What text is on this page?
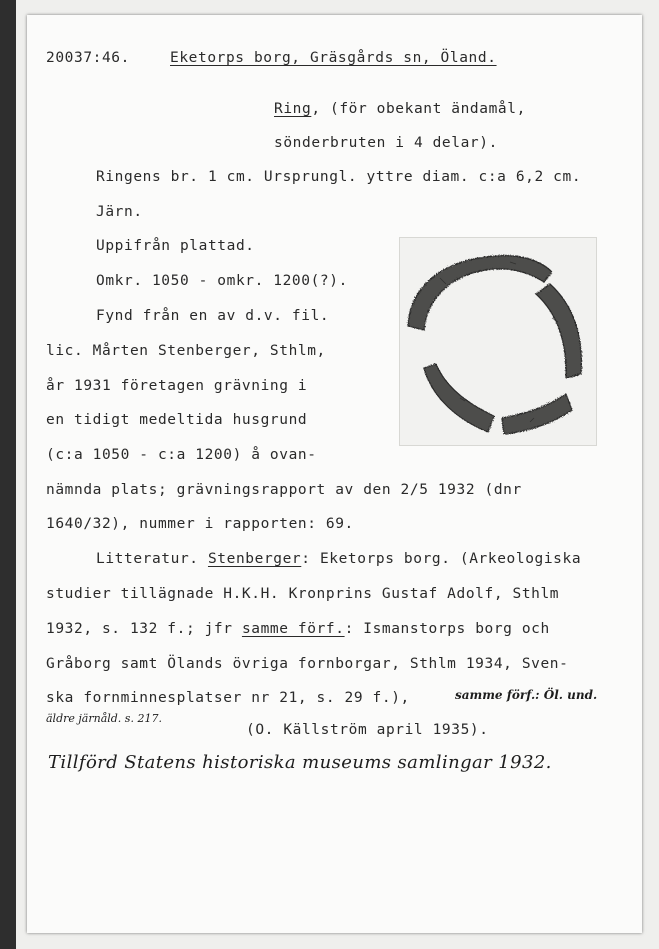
20037:46.	Eketorps borg, Gräsgårds sn, Öland.
Ring, (för obekant ändamål,
sönderbruten i 4 delar).
Ringens br. 1 cm. Ursprungl. yttre diam. c:a 6,2 cm.
Järn.
Uppifrån plattad.
Omkr. 1050 - omkr. 1200(?).
Fynd från en av d.v. fil.
lic. Mårten Stenberger, Sthlm,
år 1931 företagen grävning i
en tidigt medeltida husgrund
(c:a 1050 - c:a 1200) å ovan-
nämnda plats; grävningsrapport av den 2/5 1932 (dnr
1640/32), nummer i rapporten: 69.
Litteratur. Stenberger: Eketorps borg. (Arkeologiska
studier tillägnade H.K.H. Kronprins Gustaf Adolf, Sthlm
1932, s. 132 f.; jfr samme förf.: Ismanstorps borg och
Gråborg samt Ölands övriga fornborgar, Sthlm 1934, Sven-
ska fornminnesplatser nr 21, s. 29 f.),	samme förf.: Öl. und.
äldre järnåld. s. 217.
(O. Källström april 1935).
Tillförd Statens historiska museums samlingar 1932.
